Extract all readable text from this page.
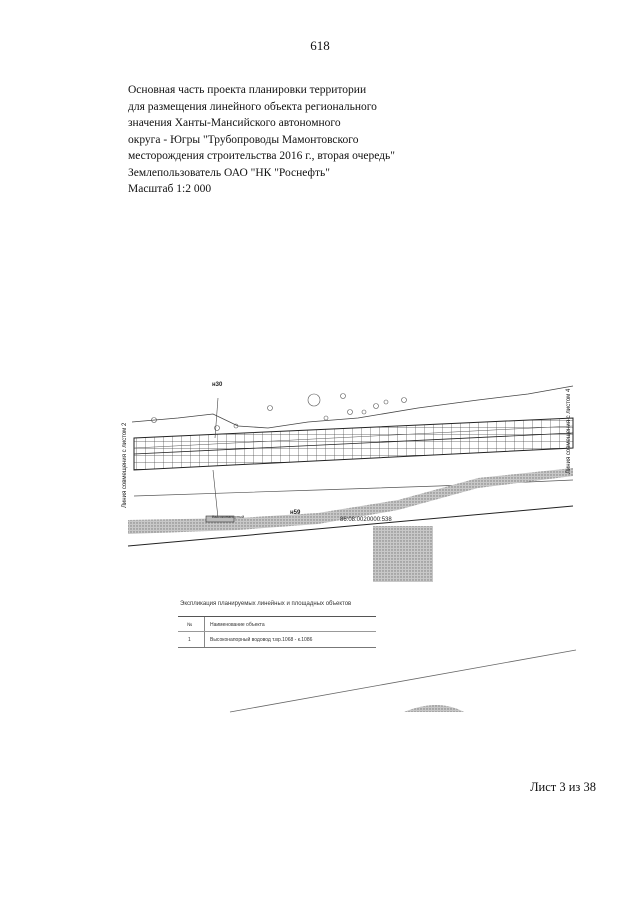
618
Основная часть проекта планировки территории
для размещения линейного объекта регионального
значения Ханты-Мансийского автономного
округа - Югры "Трубопроводы Мамонтовского
месторождения строительства 2016 г., вторая очередь"
Землепользователь ОАО "НК "Роснефть"
Масштаб 1:2 000
н30
н59
86:08:0020000:538
Высоконапорный
Линия совмещения с листом 2	Линия совмещения с листом 4
Экспликация планируемых линейных и площадных объектов
№	Наименование объекта
1	Высоконапорный водовод т.вр.1068 - к.1086
Лист 3 из 38
